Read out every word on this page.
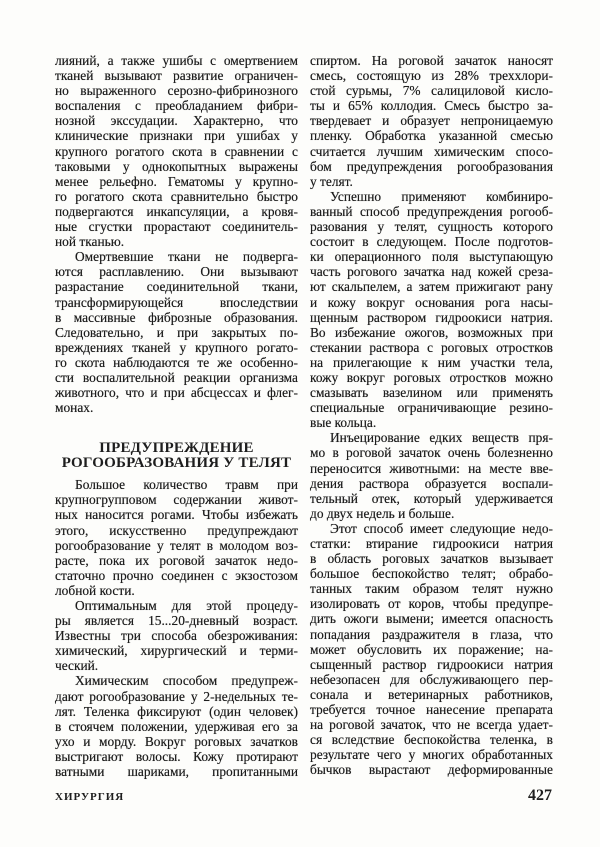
лияний, а также ушибы с омертвением
тканей вызывают развитие ограничен-
но выраженного серозно-фибринозного
воспаления с преобладанием фибри-
нозной экссудации. Характерно, что
клинические признаки при ушибах у
крупного рогатого скота в сравнении с
таковыми у однокопытных выражены
менее рельефно. Гематомы у крупно-
го рогатого скота сравнительно быстро
подвергаются инкапсуляции, а кровя-
ные сгустки прорастают соединитель-
ной тканью.
Омертвевшие ткани не подверга-
ются расплавлению. Они вызывают
разрастание соединительной ткани,
трансформирующейся впоследствии
в массивные фиброзные образования.
Следовательно, и при закрытых по-
вреждениях тканей у крупного рогато-
го скота наблюдаются те же особенно-
сти воспалительной реакции организма
животного, что и при абсцессах и флег-
монах.
ПРЕДУПРЕЖДЕНИЕ
РОГООБРАЗОВАНИЯ У ТЕЛЯТ
Большое количество травм при
крупногрупповом содержании живот-
ных наносится рогами. Чтобы избежать
этого, искусственно предупреждают
рогообразование у телят в молодом воз-
расте, пока их роговой зачаток недо-
статочно прочно соединен с экзостозом
лобной кости.
Оптимальным для этой процеду-
ры является 15...20-дневный возраст.
Известны три способа обезроживания:
химический, хирургический и терми-
ческий.
Химическим способом предупреж-
дают рогообразование у 2-недельных те-
лят. Теленка фиксируют (один человек)
в стоячем положении, удерживая его за
ухо и морду. Вокруг роговых зачатков
выстригают волосы. Кожу протирают
ватными шариками, пропитанными
спиртом. На роговой зачаток наносят
смесь, состоящую из 28% треххлори-
стой сурьмы, 7% салициловой кисло-
ты и 65% коллодия. Смесь быстро за-
твердевает и образует непроницаемую
пленку. Обработка указанной смесью
считается лучшим химическим спосо-
бом предупреждения рогообразования
у телят.
Успешно применяют комбиниро-
ванный способ предупреждения рогооб-
разования у телят, сущность которого
состоит в следующем. После подготов-
ки операционного поля выступающую
часть рогового зачатка над кожей среза-
ют скальпелем, а затем прижигают рану
и кожу вокруг основания рога насы-
щенным раствором гидроокиси натрия.
Во избежание ожогов, возможных при
стекании раствора с роговых отростков
на прилегающие к ним участки тела,
кожу вокруг роговых отростков можно
смазывать вазелином или применять
специальные ограничивающие резино-
вые кольца.
Инъецирование едких веществ пря-
мо в роговой зачаток очень болезненно
переносится животными: на месте вве-
дения раствора образуется воспали-
тельный отек, который удерживается
до двух недель и больше.
Этот способ имеет следующие недо-
статки: втирание гидроокиси натрия
в область роговых зачатков вызывает
большое беспокойство телят; обрабо-
танных таким образом телят нужно
изолировать от коров, чтобы предупре-
дить ожоги вымени; имеется опасность
попадания раздражителя в глаза, что
может обусловить их поражение; на-
сыщенный раствор гидроокиси натрия
небезопасен для обслуживающего пер-
сонала и ветеринарных работников,
требуется точное нанесение препарата
на роговой зачаток, что не всегда удает-
ся вследствие беспокойства теленка, в
результате чего у многих обработанных
бычков вырастают деформированные
ХИРУРГИЯ	427
